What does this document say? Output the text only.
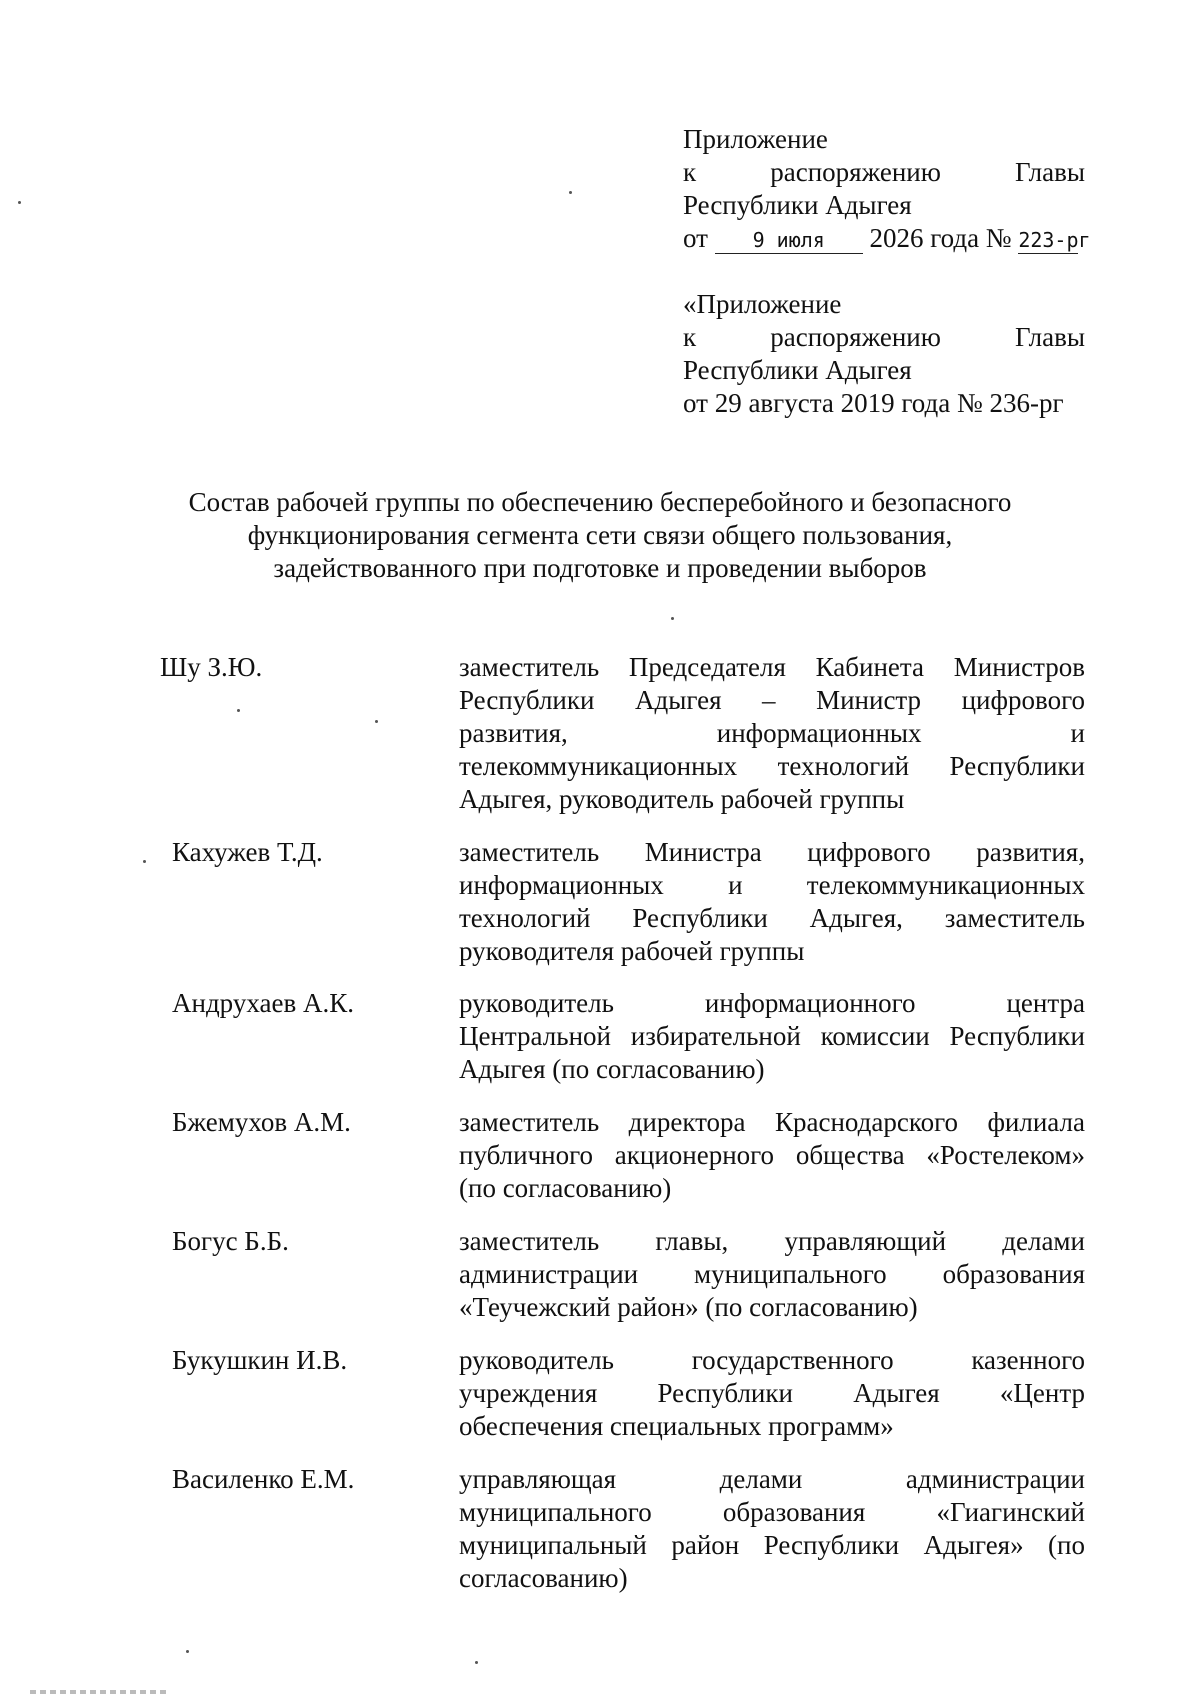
Приложение
к	распоряжению	Главы
Республики Адыгея
от 9 июля 2026 года № 223-рг
«Приложение
к	распоряжению	Главы
Республики Адыгея
от 29 августа 2019 года № 236-рг
Состав рабочей группы по обеспечению бесперебойного и безопасного
функционирования сегмента сети связи общего пользования,
задействованного при подготовке и проведении выборов
Шу З.Ю.	заместитель Председателя Кабинета Министров
Республики Адыгея – Министр цифрового
развития,	информационных	и
телекоммуникационных технологий Республики
Адыгея, руководитель рабочей группы
Кахужев Т.Д.	заместитель Министра цифрового развития,
информационных и телекоммуникационных
технологий Республики Адыгея, заместитель
руководителя рабочей группы
Андрухаев А.К.	руководитель	информационного	центра
Центральной избирательной комиссии Республики
Адыгея (по согласованию)
Бжемухов А.М.	заместитель директора Краснодарского филиала
публичного акционерного общества «Ростелеком»
(по согласованию)
Богус Б.Б.	заместитель главы, управляющий делами
администрации муниципального образования
«Теучежский район» (по согласованию)
Букушкин И.В.	руководитель	государственного	казенного
учреждения Республики Адыгея «Центр
обеспечения специальных программ»
Василенко Е.М.	управляющая	делами	администрации
муниципального	образования	«Гиагинский
муниципальный район Республики Адыгея» (по
согласованию)
